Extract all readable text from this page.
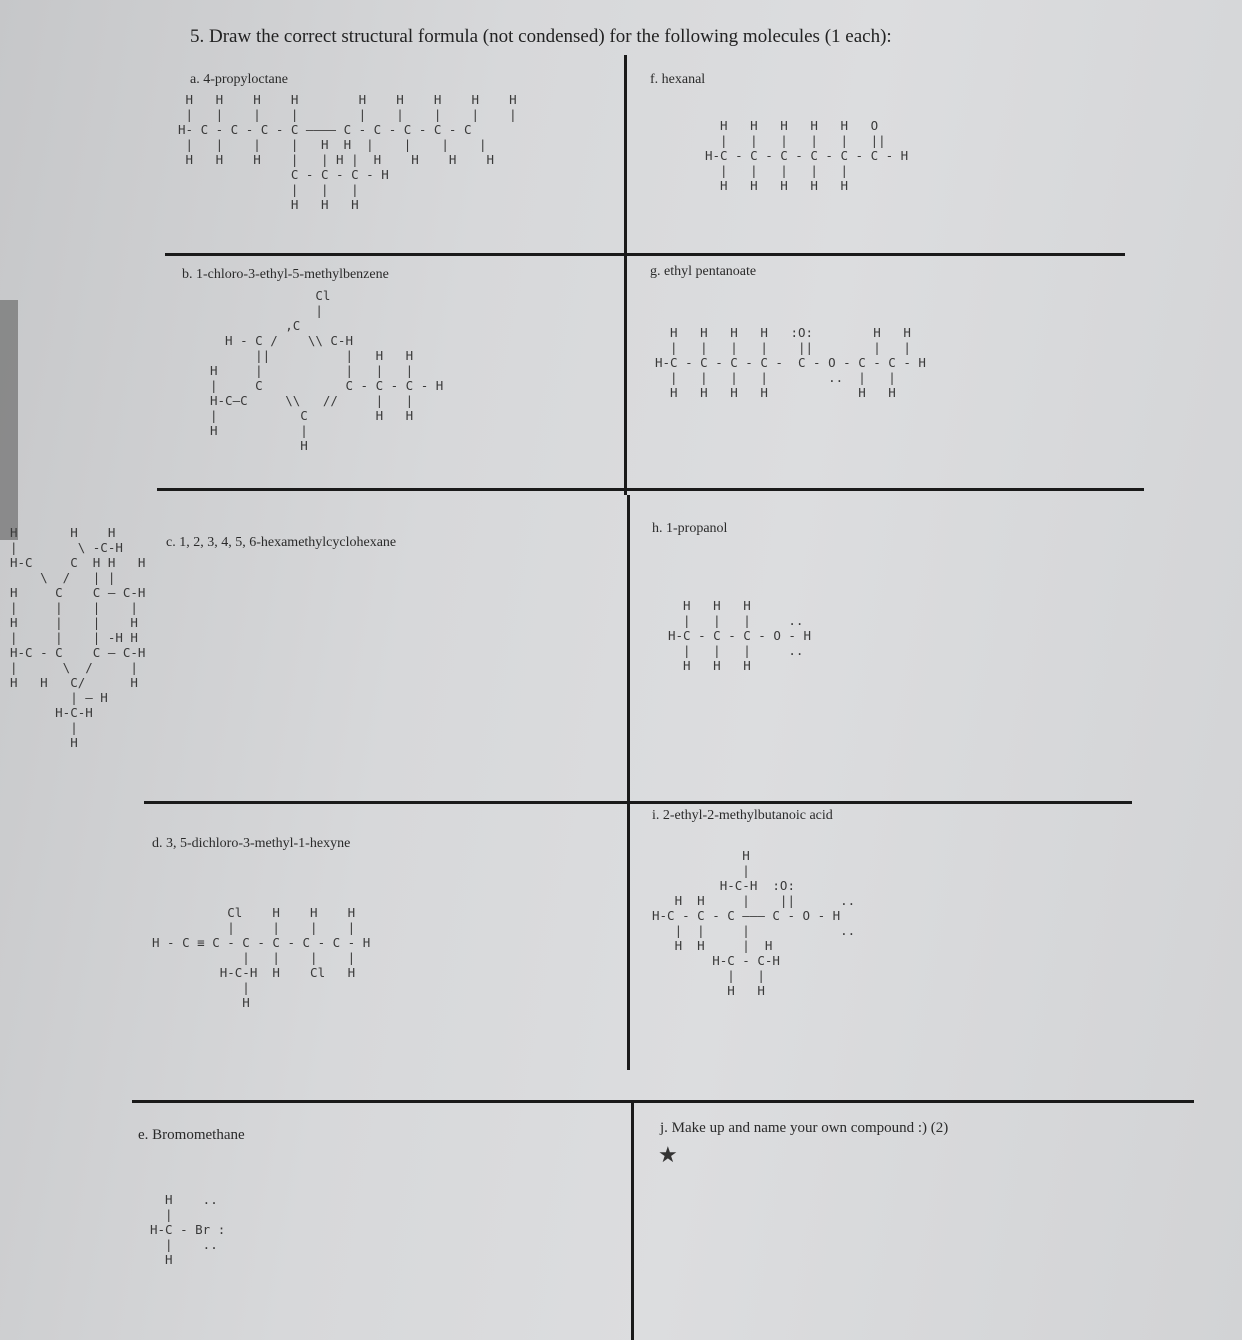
5. Draw the correct structural formula (not condensed) for the following molecules (1 each):
a. 4-propyloctane
H   H    H    H        H    H    H    H    H
|   |    |    |        |    |    |    |    |
H- C - C - C - C ———— C - C - C - C - C
|   |    |    |   H  H  |    |    |    |
H   H    H    |   | H |  H    H    H    H
C - C - C - H
|   |   |
H   H   H
f. hexanal
H   H   H   H   H   O
|   |   |   |   |   ||
H-C - C - C - C - C - C - H
|   |   |   |   |
H   H   H   H   H
b. 1-chloro-3-ethyl-5-methylbenzene
Cl
|
,C
H - C /    \\ C-H
||          |   H   H
H     |           |   |   |
|     C           C - C - C - H
H-C—C     \\   //     |   |
|           C         H   H
H           |
H
g. ethyl pentanoate
H   H   H   H   :O:        H   H
|   |   |   |    ||        |   |
H-C - C - C - C -  C - O - C - C - H
|   |   |   |        ..  |   |
H   H   H   H            H   H
c. 1, 2, 3, 4, 5, 6-hexamethylcyclohexane
H       H    H
|        \ -C-H
H-C     C  H H   H
\  /   | |
H     C    C — C-H
|     |    |    |
H     |    |    H
|     |    | -H H
H-C - C    C — C-H
|      \  /     |
H   H   C/      H
| — H
H-C-H
|
H
h. 1-propanol
H   H   H
|   |   |     ..
H-C - C - C - O - H
|   |   |     ..
H   H   H
d. 3, 5-dichloro-3-methyl-1-hexyne
Cl    H    H    H
|     |    |    |
H - C ≡ C - C - C - C - C - H
|   |    |    |
H-C-H  H    Cl   H
|
H
i. 2-ethyl-2-methylbutanoic acid
H
|
H-C-H  :O:
H  H     |    ||      ..
H-C - C - C ——— C - O - H
|  |     |            ..
H  H     |  H
H-C - C-H
|   |
H   H
e. Bromomethane
H    ..
|
H-C - Br :
|    ..
H
j. Make up and name your own compound :) (2)
★
